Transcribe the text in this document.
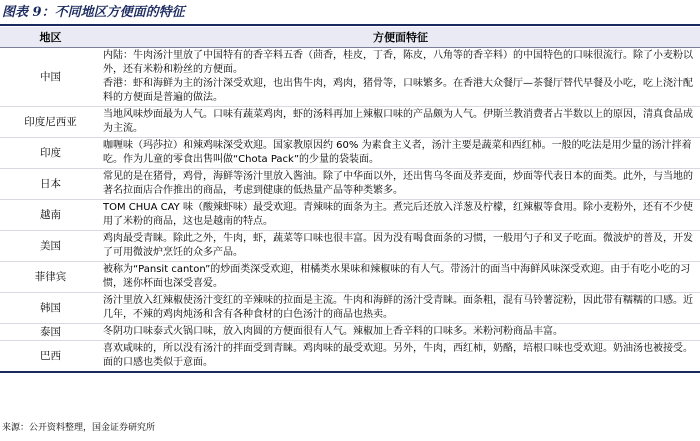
图表 9：不同地区方便面的特征
地区	方便面特征
中国	内陆：牛肉汤汁里放了中国特有的香辛料五香（茴香，桂皮，丁香，陈皮，八角等的香辛料）的中国特色的口味很流行。除了小麦粉以外，还有米粉和粉丝的方便面。
香港：虾和海鲜为主的汤汁深受欢迎，也出售牛肉，鸡肉，猪骨等，口味繁多。在香港大众餐厅—茶餐厅替代早餐及小吃，吃上浇汁配料的方便面是普遍的做法。

印度尼西亚	当地风味炒面最为人气。口味有蔬菜鸡肉，虾的汤料再加上辣椒口味的产品颇为人气。伊斯兰教消费者占半数以上的原因，清真食品成为主流。
印度	咖喱味（玛莎拉）和辣鸡味深受欢迎。国家教原因约 60% 为素食主义者，汤汁主要是蔬菜和西红柿。一般的吃法是用少量的汤汁拌着吃。作为儿童的零食出售叫做“Chota Pack”的少量的袋装面。
日本	常见的是在猪骨，鸡骨，海鲜等汤汁里放入酱油。除了中华面以外，还出售乌冬面及荞麦面，炒面等代表日本的面类。此外，与当地的著名拉面店合作推出的商品，考虑到健康的低热量产品等种类繁多。
越南	TOM CHUA CAY 味（酸辣虾味）最受欢迎。青辣味的面条为主。煮完后还放入洋葱及柠檬，红辣椒等食用。除小麦粉外，还有不少使用了米粉的商品，这也是越南的特点。
美国	鸡肉最受青睐。除此之外，牛肉，虾，蔬菜等口味也很丰富。因为没有喝食面条的习惯，一般用勺子和叉子吃面。微波炉的普及，开发了可用微波炉烹饪的众多产品。
菲律宾	被称为“Pansit canton”的炒面类深受欢迎，柑橘类水果味和辣椒味的有人气。带汤汁的面当中海鲜风味深受欢迎。由于有吃小吃的习惯，迷你杯面也深受喜爱。
韩国	汤汁里放入红辣椒使汤汁变红的辛辣味的拉面是主流。牛肉和海鲜的汤汁受青睐。面条粗，混有马铃薯淀粉，因此带有糯糯的口感。近几年，不辣的鸡肉炖汤和含有各种食材的白色汤汁的商品也热卖。
泰国	冬阴功口味泰式火锅口味，放入肉圆的方便面很有人气。辣椒加上香辛料的口味多。米粉河粉商品丰富。
巴西	喜欢咸味的，所以没有汤汁的拌面受到青睐。鸡肉味的最受欢迎。另外，牛肉，西红柿，奶酪，培根口味也受欢迎。奶油汤也被接受。面的口感也类似于意面。
来源：公开资料整理，国金证券研究所
